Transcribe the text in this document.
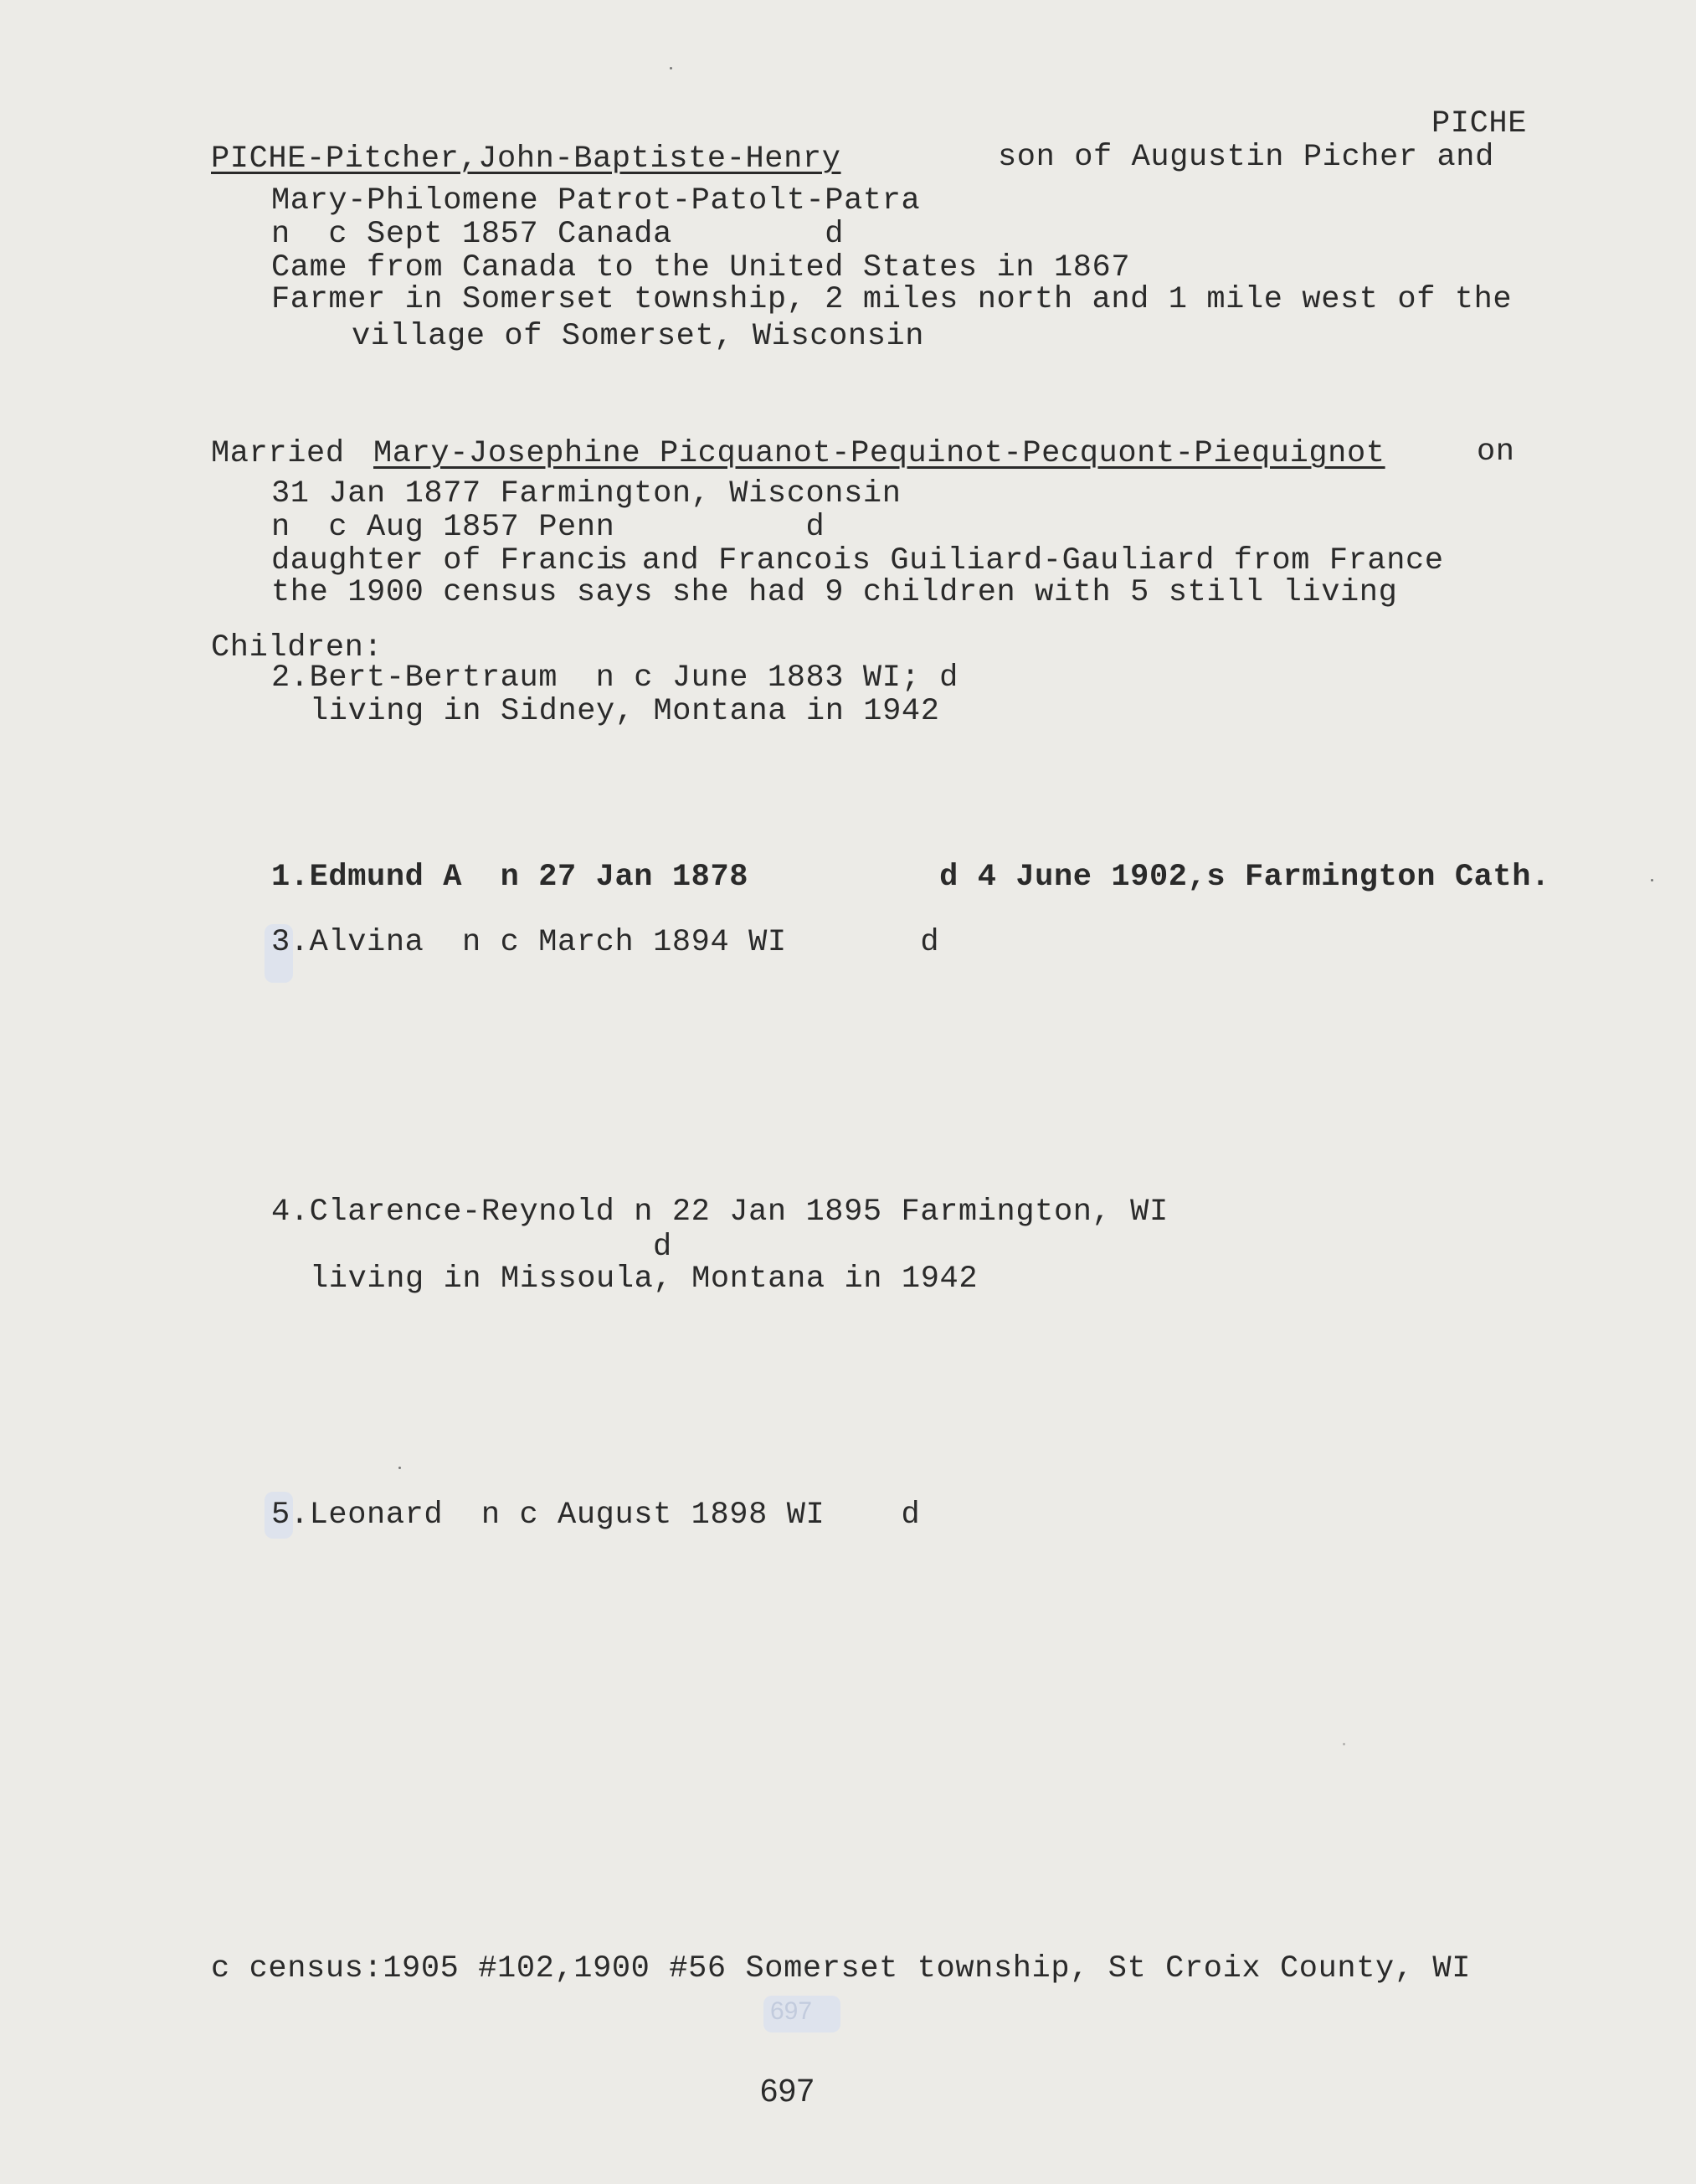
PICHE
PICHE-Pitcher,John-Baptiste-Henry	son of Augustin Picher and
Mary-Philomene Patrot-Patolt-Patra
n  c Sept 1857 Canada        d
Came from Canada to the United States in 1867
Farmer in Somerset township, 2 miles north and 1 mile west of the
village of Somerset, Wisconsin
Married Mary-Josephine Picquanot-Pequinot-Pecquont-Piequignot	on
31 Jan 1877 Farmington, Wisconsin
n  c Aug 1857 Penn          d
daughter of Francis and Francois Guiliard-Gauliard from France
the 1900 census says she had 9 children with 5 still living
Children:
2.Bert-Bertraum  n c June 1883 WI; d
living in Sidney, Montana in 1942
1.Edmund A  n 27 Jan 1878          d 4 June 1902,s Farmington Cath.
3.Alvina  n c March 1894 WI       d
4.Clarence-Reynold n 22 Jan 1895 Farmington, WI
d
living in Missoula, Montana in 1942
5.Leonard  n c August 1898 WI    d
c census:1905 #102,1900 #56 Somerset township, St Croix County, WI
697
697
